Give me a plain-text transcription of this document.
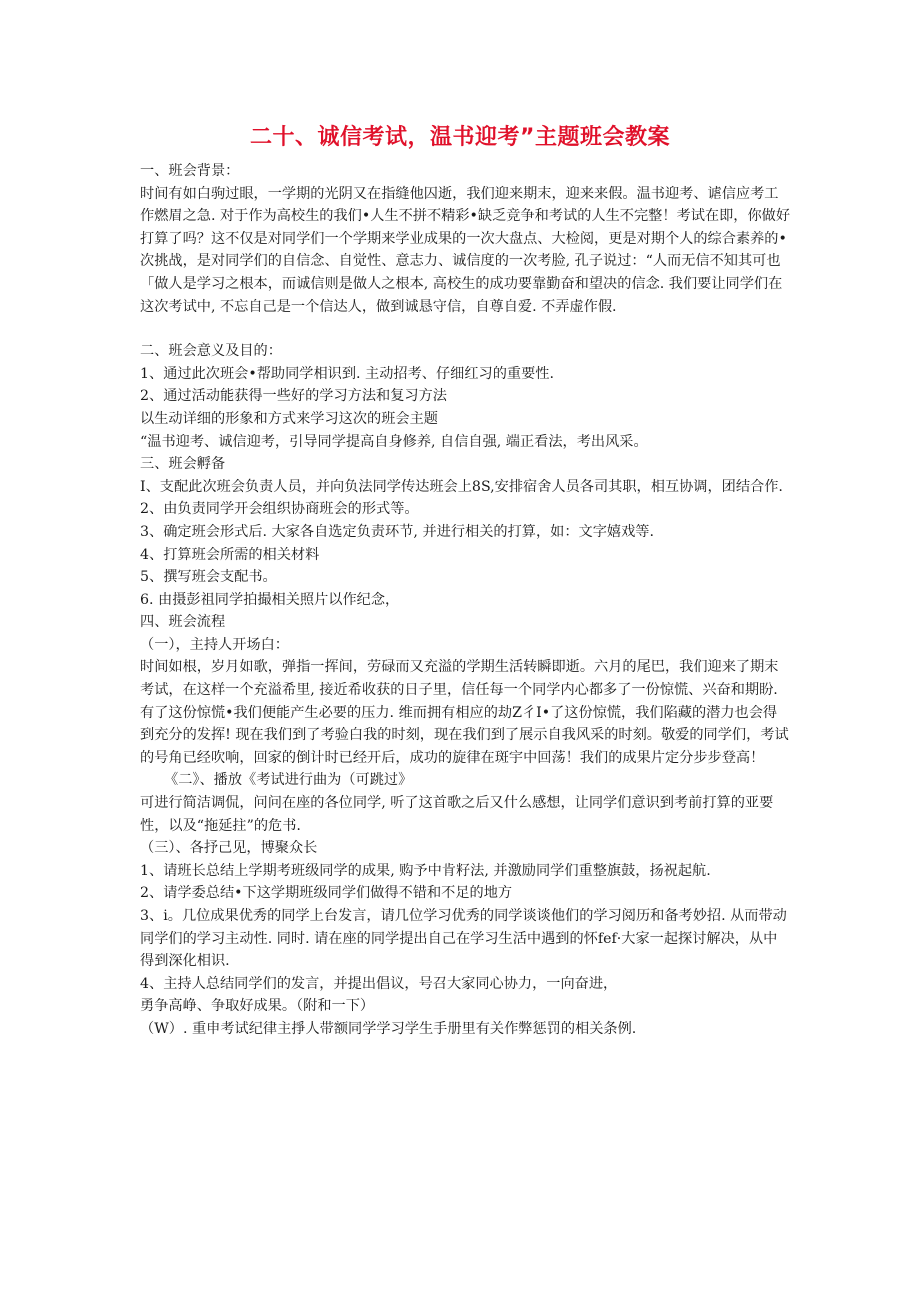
二十、诚信考试，温书迎考”主题班会教案

一、班会背景：

时间有如白驹过眼，一学期的光阴又在指缝他囚逝，我们迎来期末，迎来来假。温书迎考、谑信应考工作燃眉之急. 对于作为高校生的我们•人生不拼不精彩•缺乏竞争和考试的人生不完整！考试在即，你做好打算了吗？这不仅是对同学们一个学期来学业成果的一次大盘点、大检阅，更是对期个人的综合素养的•次挑战，是对同学们的自信念、自觉性、意志力、诚信度的一次考脸, 孔子说过：“人而无信不知其可也「做人是学习之根本，而诚信则是做人之根本, 高校生的成功要靠勤奋和望决的信念. 我们要让同学们在这次考试中, 不忘自己是一个信达人，做到诚恳守信，自尊自爱. 不弄虚作假.

二、班会意义及目的：

1、通过此次班会•帮助同学相识到. 主动招考、仔细红习的重要性.

2、通过活动能获得一些好的学习方法和复习方法

以生动详细的形象和方式来学习这次的班会主题

“温书迎考、诚信迎考，引导同学提高自身修养, 自信自强, 端正看法，考出风采。

三、班会孵备

I、支配此次班会负责人员，并向负法同学传达班会上8S,安排宿舍人员各司其职，相互协调，团结合作.

2、由负责同学开会组织协商班会的形式等。

3、确定班会形式后. 大家各自选定负责环节, 并进行相关的打算，如：文字嬉戏等.

4、打算班会所需的相关材料

5、撰写班会支配书。

6. 由摄彭祖同学拍撮相关照片以作纪念，

四、班会流程

（一），主持人开场白：

时间如根，岁月如歌，弹指一挥间，劳碌而又充溢的学期生活转瞬即逝。六月的尾巴，我们迎来了期末考试，在这样一个充溢希里, 接近希收获的日子里，信任每一个同学内心都多了一份惊慌、兴奋和期盼. 有了这份惊慌•我们便能产生必要的压力. 维而拥有相应的劫Z彳I•了这份惊慌，我们陷藏的潜力也会得到充分的发挥! 现在我们到了考验白我的时刻，现在我们到了展示自我风采的时刻。敬爱的同学们，考试的号角已经吹响，回家的倒计时已经开后，成功的旋律在斑宇中回荡！我们的成果片定分步步登高！

《二》、播放《考试进行曲为（可跳过》

可进行简洁调侃，问问在座的各位同学, 听了这首歌之后又什么感想，让同学们意识到考前打算的亚要性，以及“拖延拄”的危书.

（三）、各抒己见，博聚众长

1、请班长总结上学期考班级同学的成果, 购予中肯籽法, 并激励同学们重整旗鼓，扬祝起航.

2、请学委总结•下这学期班级同学们做得不错和不足的地方

3、i。几位成果优秀的同学上台发言，请几位学习优秀的同学谈谈他们的学习阅历和备考妙招. 从而带动同学们的学习主动性. 同时. 请在座的同学提出自己在学习生活中遇到的怀fef·大家一起探讨解决，从中得到深化相识.

4、主持人总结同学们的发言，并提出倡议，号召大家同心协力，一向奋进，

勇争高峥、争取好成果。（附和一下）

（W）. 重申考试纪律主掙人带额同学学习学生手册里有关作弊惩罚的相关条例.
